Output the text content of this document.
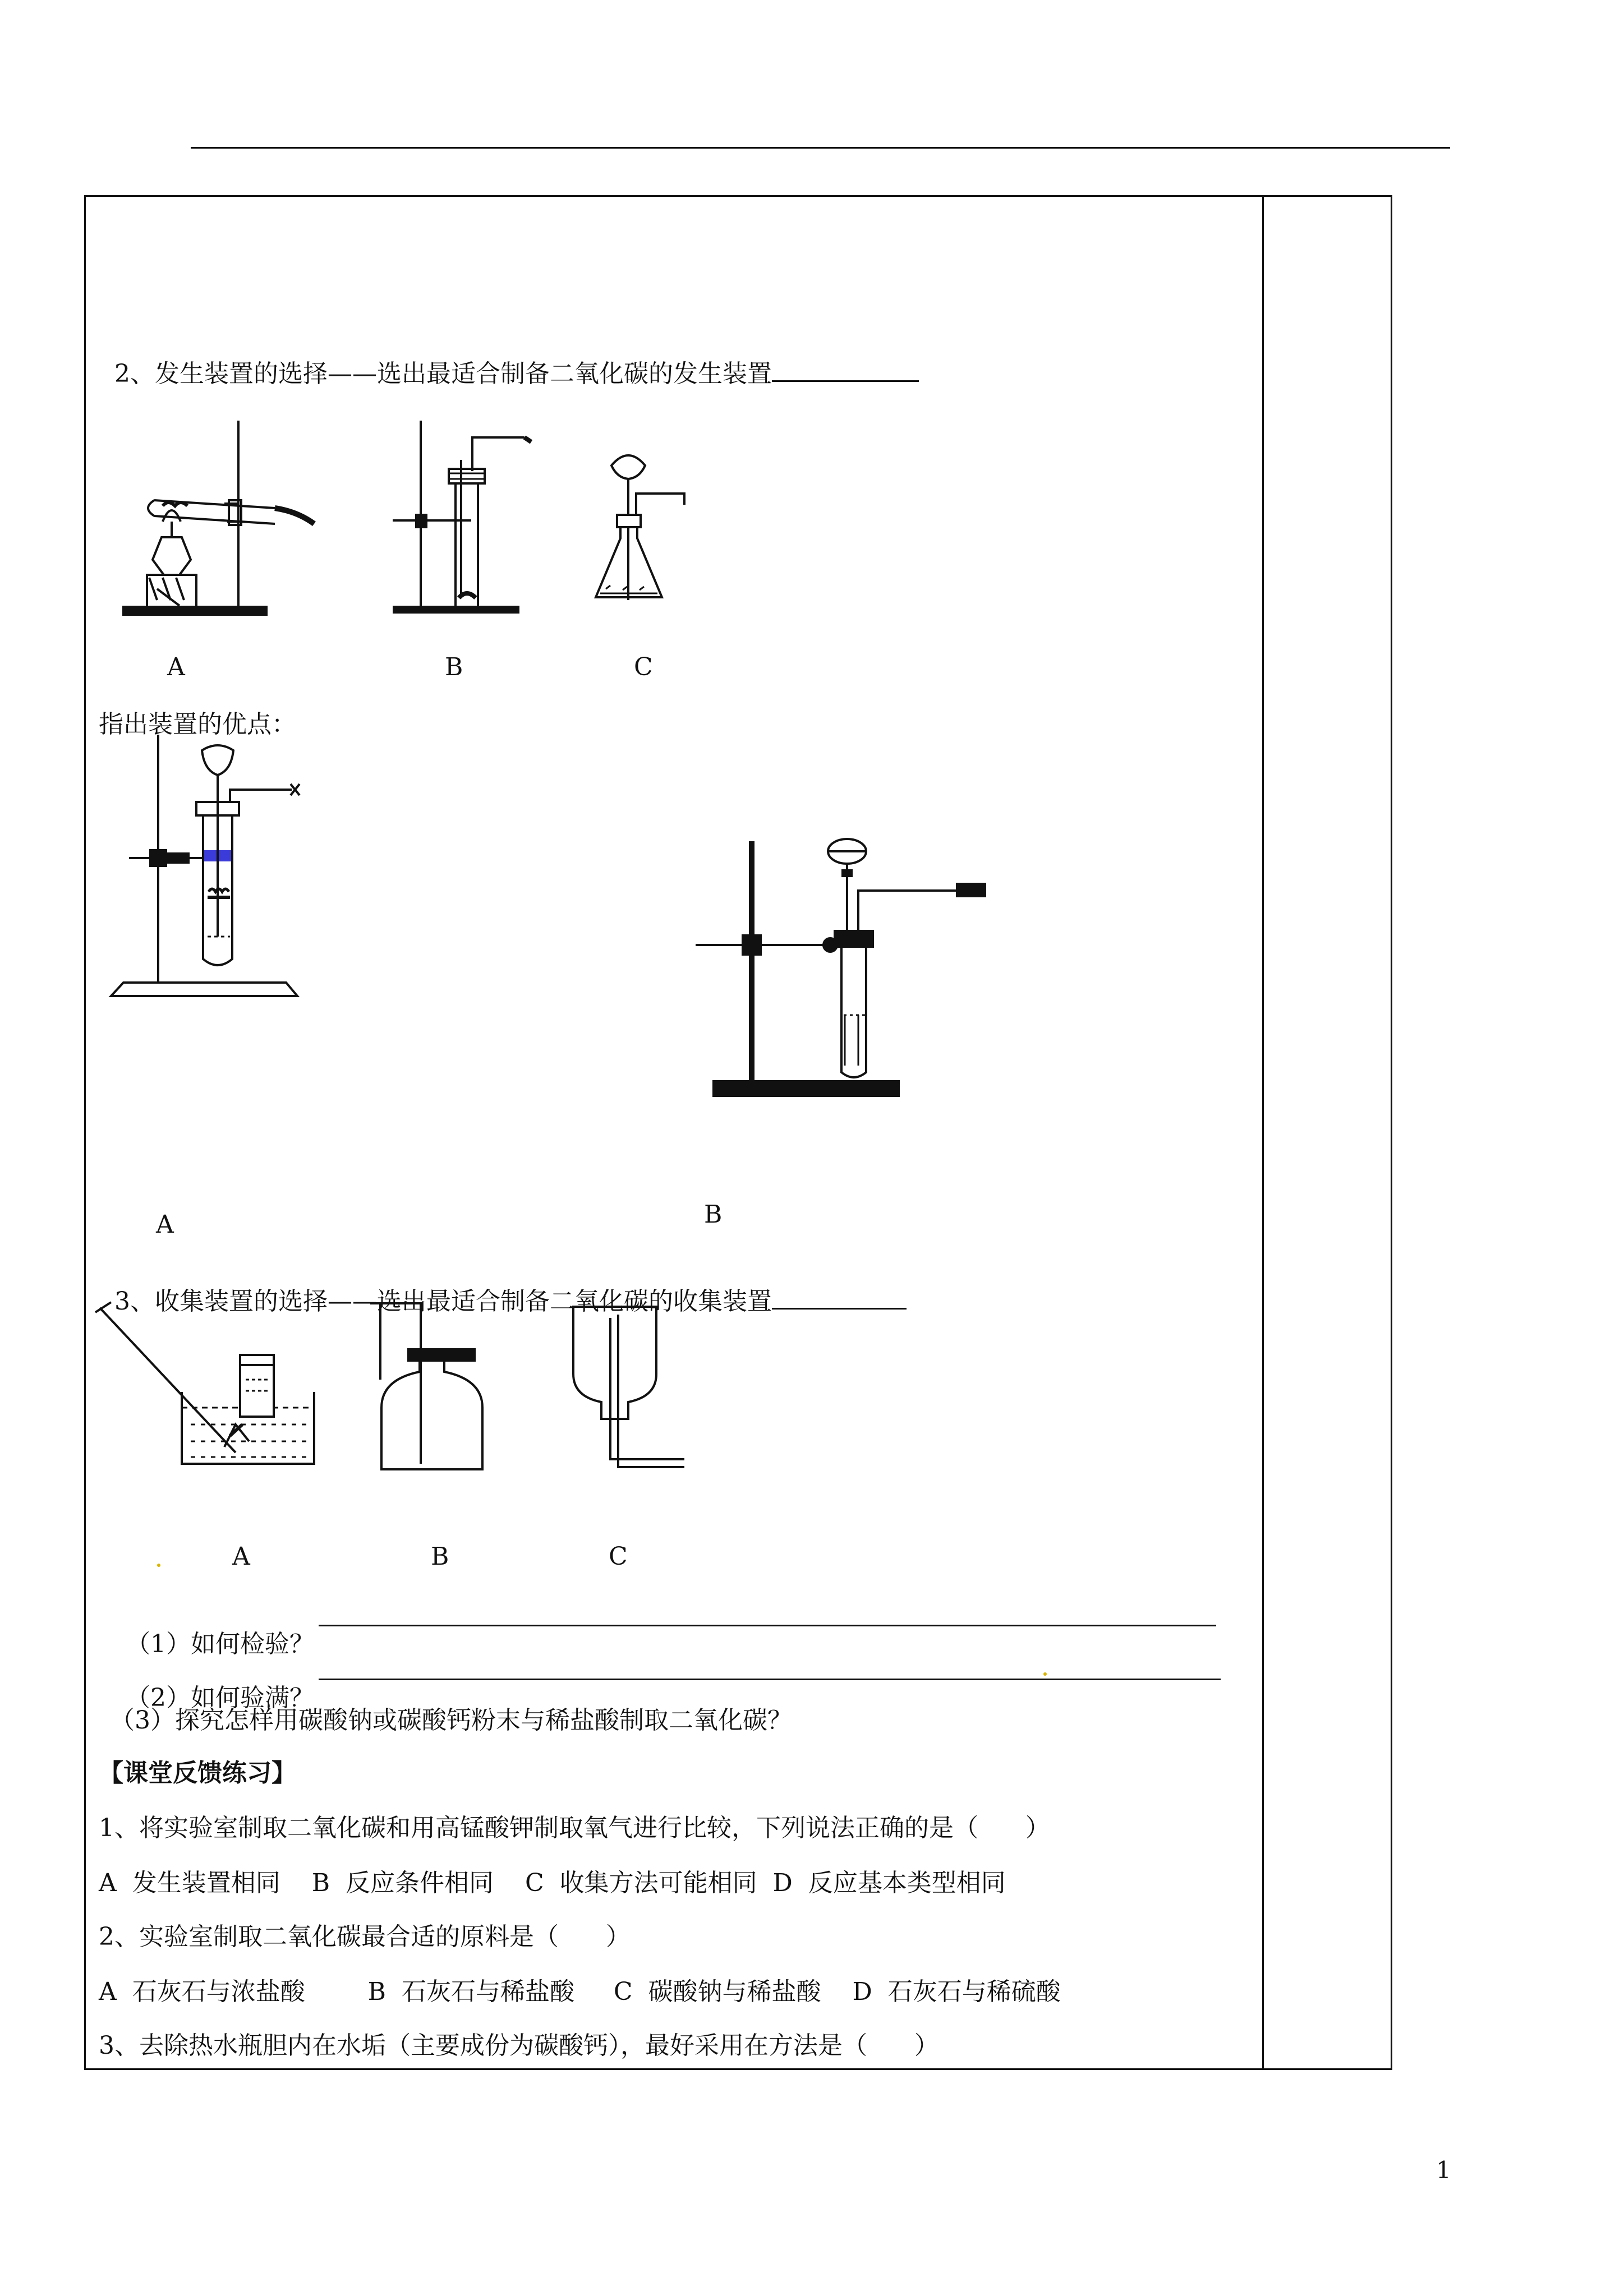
2、发生装置的选择——选出最适合制备二氧化碳的发生装置

A	B	C
指出装置的优点：
A	B

3、收集装置的选择——选出最适合制备二氧化碳的收集装置

A	B	C

（1）如何检验？

（2）如何验满？

（3）探究怎样用碳酸钠或碳酸钙粉末与稀盐酸制取二氧化碳？
【课堂反馈练习】
1、将实验室制取二氧化碳和用高锰酸钾制取氧气进行比较，下列说法正确的是（      ）
A  发生装置相同    B  反应条件相同    C  收集方法可能相同  D  反应基本类型相同
2、实验室制取二氧化碳最合适的原料是（      ）
A  石灰石与浓盐酸        B  石灰石与稀盐酸     C  碳酸钠与稀盐酸    D  石灰石与稀硫酸
3、去除热水瓶胆内在水垢（主要成份为碳酸钙），最好采用在方法是（      ）
1
